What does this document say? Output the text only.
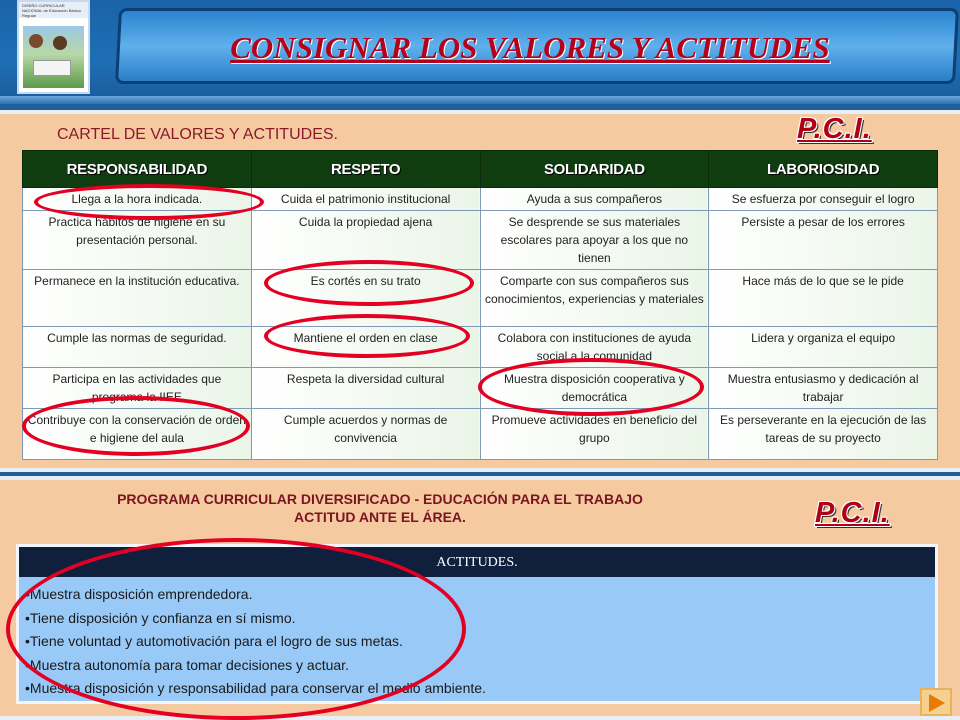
DISEÑO CURRICULAR NACIONAL de Educación Básica Regular
CONSIGNAR LOS VALORES Y ACTITUDES
CARTEL DE VALORES Y ACTITUDES.	P.C.I.
RESPONSABILIDAD	RESPETO	SOLIDARIDAD	LABORIOSIDAD
Llega a la hora indicada.	Cuida el patrimonio institucional	Ayuda a sus compañeros	Se esfuerza por conseguir el logro
Practica hábitos de higiene en su presentación personal.	Cuida la propiedad ajena	Se desprende se sus materiales escolares para apoyar a los que no tienen	Persiste a pesar de los errores
Permanece en la institución educativa.	Es cortés en su trato	Comparte con sus compañeros sus conocimientos, experiencias y materiales	Hace más de lo que se le pide
Cumple las normas de seguridad.	Mantiene el orden en clase	Colabora con instituciones de ayuda social a la comunidad	Lidera y organiza el equipo
Participa en las actividades que programa la IIEE	Respeta la diversidad cultural	Muestra disposición cooperativa y democrática	Muestra entusiasmo y dedicación al trabajar
Contribuye con la conservación de orden e higiene del aula	Cumple acuerdos y normas de convivencia	Promueve actividades en beneficio del grupo	Es perseverante en la ejecución de las tareas de su proyecto
PROGRAMA CURRICULAR DIVERSIFICADO - EDUCACIÓN PARA EL TRABAJO
ACTITUD ANTE EL ÁREA.	P.C.I.
ACTITUDES.
•Muestra disposición emprendedora.
•Tiene disposición y confianza en sí mismo.
•Tiene voluntad y automotivación para el logro de sus metas.
•Muestra autonomía para tomar decisiones y actuar.
•Muestra disposición y responsabilidad para conservar el medio ambiente.
